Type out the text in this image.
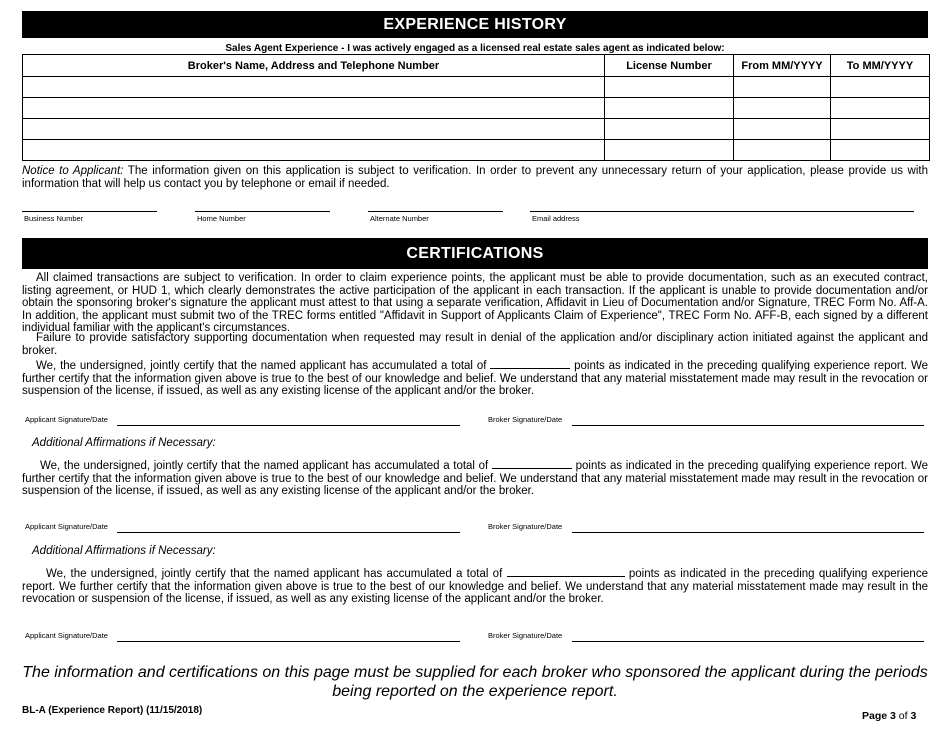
EXPERIENCE HISTORY
Sales Agent Experience - I was actively engaged as a licensed real estate sales agent as indicated below:
Broker's Name, Address and Telephone Number	License Number	From MM/YYYY	To MM/YYYY

Notice to Applicant: The information given on this application is subject to verification. In order to prevent any unnecessary return of your application, please provide us with information that will help us contact you by telephone or email if needed.
Business Number	Home Number	Alternate Number	Email address
CERTIFICATIONS
All claimed transactions are subject to verification. In order to claim experience points, the applicant must be able to provide documentation, such as an executed contract, listing agreement, or HUD 1, which clearly demonstrates the active participation of the applicant in each transaction. If the applicant is unable to provide documentation and/or obtain the sponsoring broker's signature the applicant must attest to that using a separate verification, Affidavit in Lieu of Documentation and/or Signature, TREC Form No. Aff-A. In addition, the applicant must submit two of the TREC forms entitled "Affidavit in Support of Applicants Claim of Experience", TREC Form No. AFF-B, each signed by a different individual familiar with the applicant's circumstances.
Failure to provide satisfactory supporting documentation when requested may result in denial of the application and/or disciplinary action initiated against the applicant and broker.
We, the undersigned, jointly certify that the named applicant has accumulated a total of	points as indicated in the preceding qualifying experience report. We further certify that the information given above is true to the best of our knowledge and belief. We understand that any material misstatement made may result in the revocation or suspension of the license, if issued, as well as any existing license of the applicant and/or the broker.
Applicant Signature/Date	Broker Signature/Date
Additional Affirmations if Necessary:
We, the undersigned, jointly certify that the named applicant has accumulated a total of	points as indicated in the preceding qualifying experience report. We further certify that the information given above is true to the best of our knowledge and belief. We understand that any material misstatement made may result in the revocation or suspension of the license, if issued, as well as any existing license of the applicant and/or the broker.
Applicant Signature/Date	Broker Signature/Date
Additional Affirmations if Necessary:
We, the undersigned, jointly certify that the named applicant has accumulated a total of	points as indicated in the preceding qualifying experience report. We further certify that the information given above is true to the best of our knowledge and belief. We understand that any material misstatement made may result in the revocation or suspension of the license, if issued, as well as any existing license of the applicant and/or the broker.
Applicant Signature/Date	Broker Signature/Date
The information and certifications on this page must be supplied for each broker who sponsored the applicant during the periods being reported on the experience report.
BL-A (Experience Report) (11/15/2018)	Page 3 of 3
